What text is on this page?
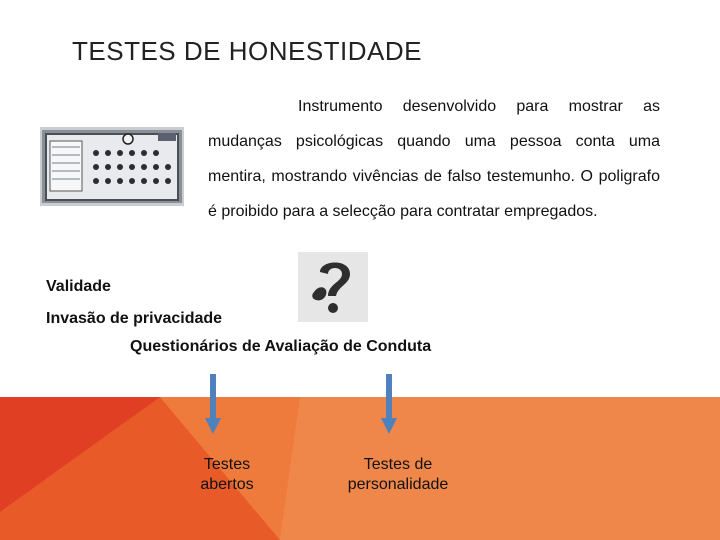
TESTES DE HONESTIDADE
Instrumento desenvolvido para mostrar as mudanças psicológicas quando uma pessoa conta uma mentira, mostrando vivências de falso testemunho. O poligrafo é proibido para a selecção para contratar empregados.
Validade
Invasão de privacidade
Questionários de Avaliação de Conduta
Testes
abertos
Testes de
personalidade
